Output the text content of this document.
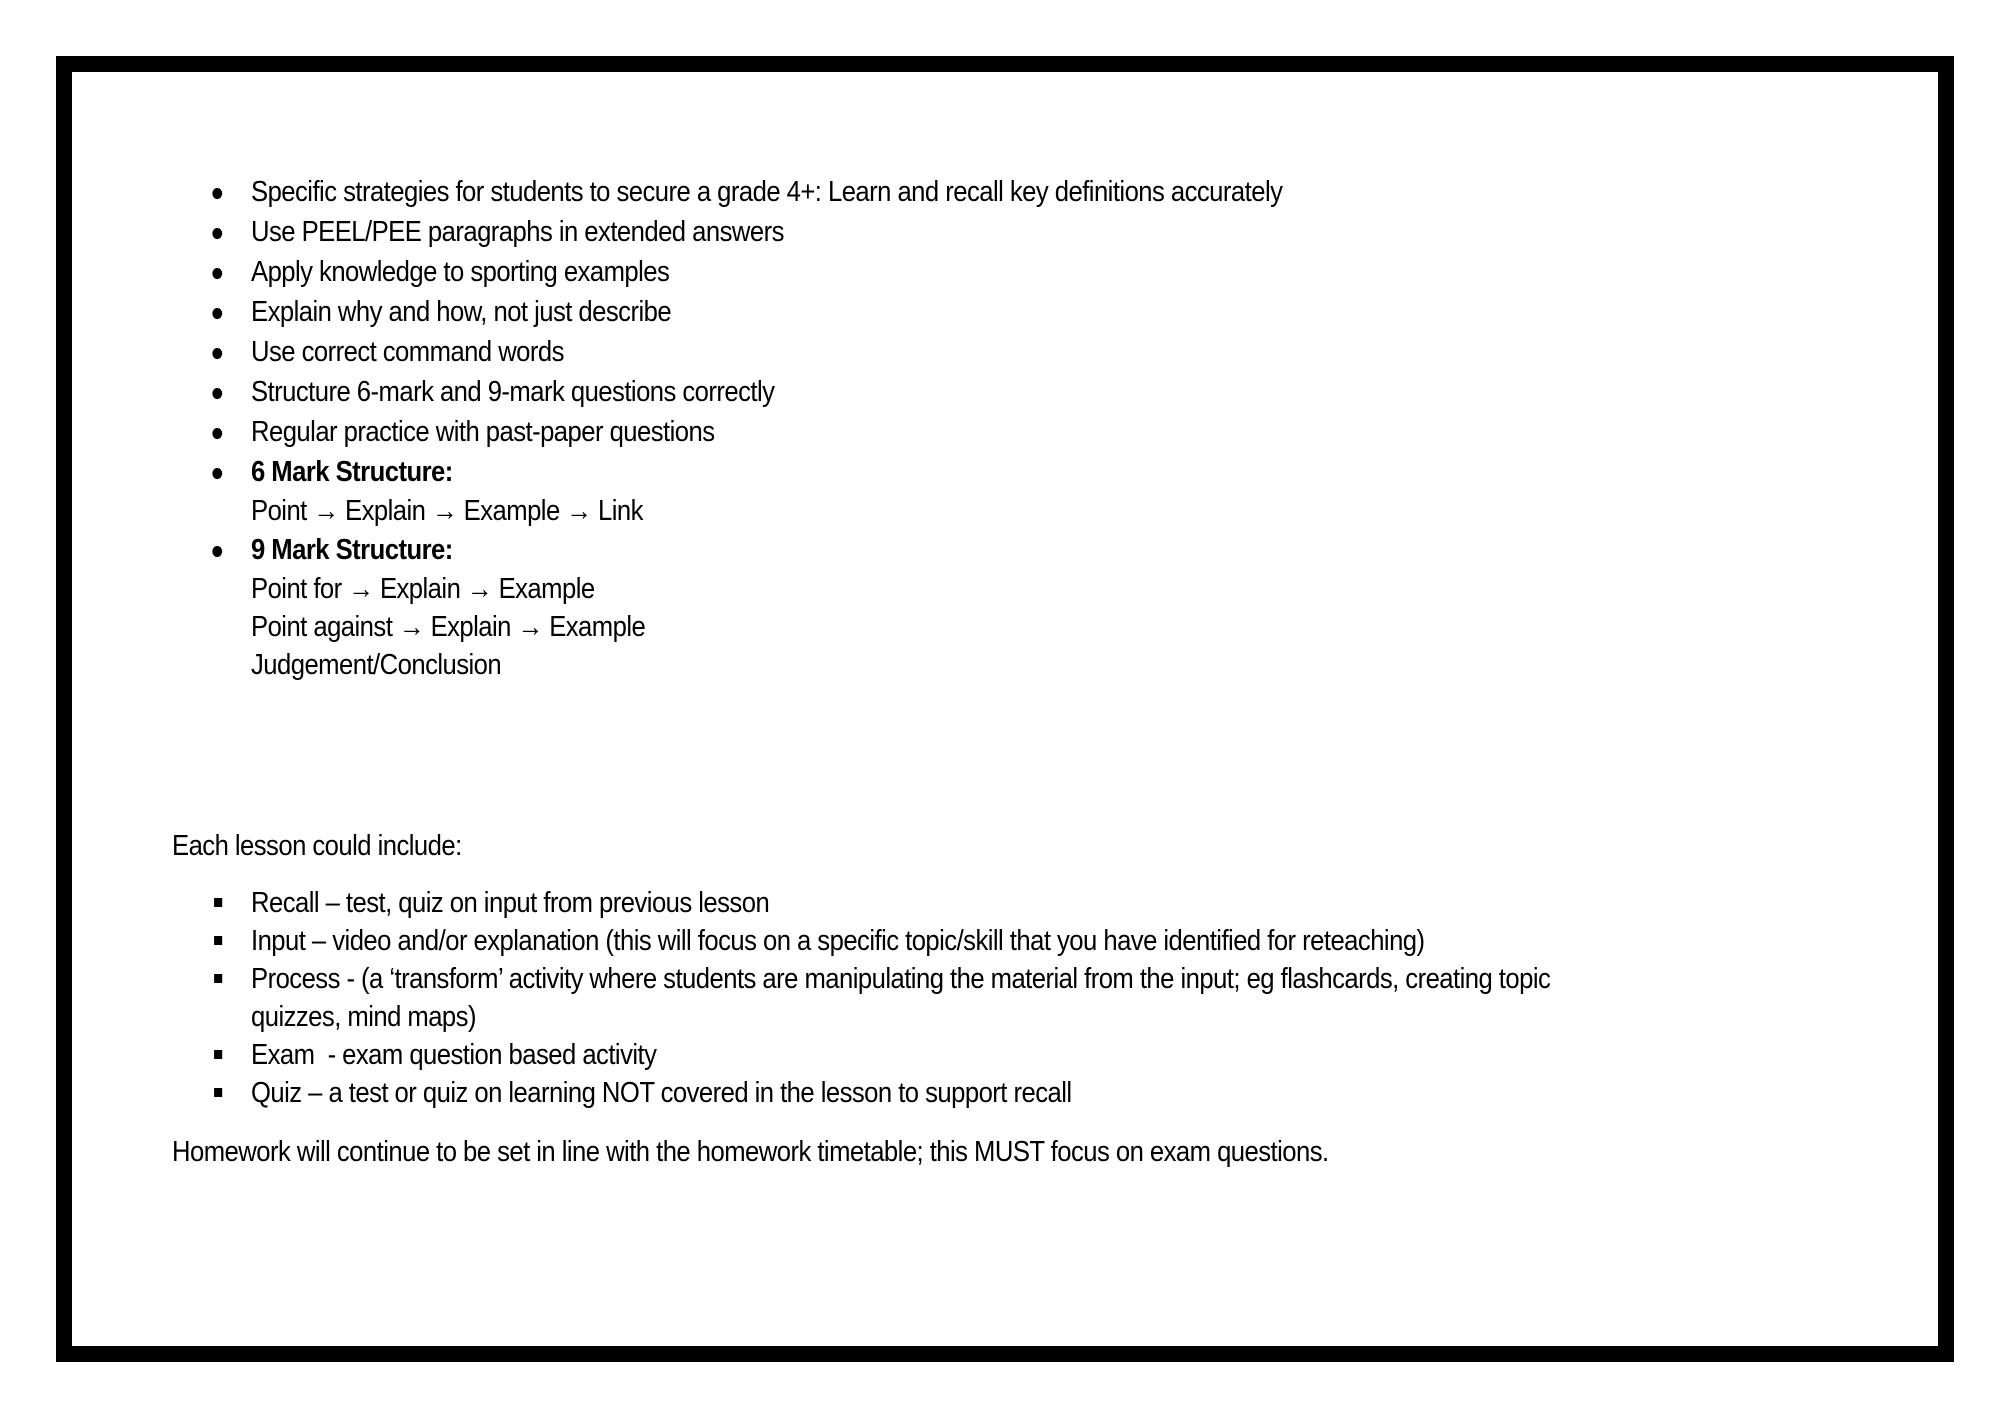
Specific strategies for students to secure a grade 4+: Learn and recall key definitions accurately
Use PEEL/PEE paragraphs in extended answers
Apply knowledge to sporting examples
Explain why and how, not just describe
Use correct command words
Structure 6-mark and 9-mark questions correctly
Regular practice with past-paper questions
6 Mark Structure:
Point → Explain → Example → Link
9 Mark Structure:
Point for → Explain → Example
Point against → Explain → Example
Judgement/Conclusion
Each lesson could include:
Recall – test, quiz on input from previous lesson
Input – video and/or explanation (this will focus on a specific topic/skill that you have identified for reteaching)
Process - (a ‘transform’ activity where students are manipulating the material from the input; eg flashcards, creating topic quizzes, mind maps)
Exam  - exam question based activity
Quiz – a test or quiz on learning NOT covered in the lesson to support recall
Homework will continue to be set in line with the homework timetable; this MUST focus on exam questions.
